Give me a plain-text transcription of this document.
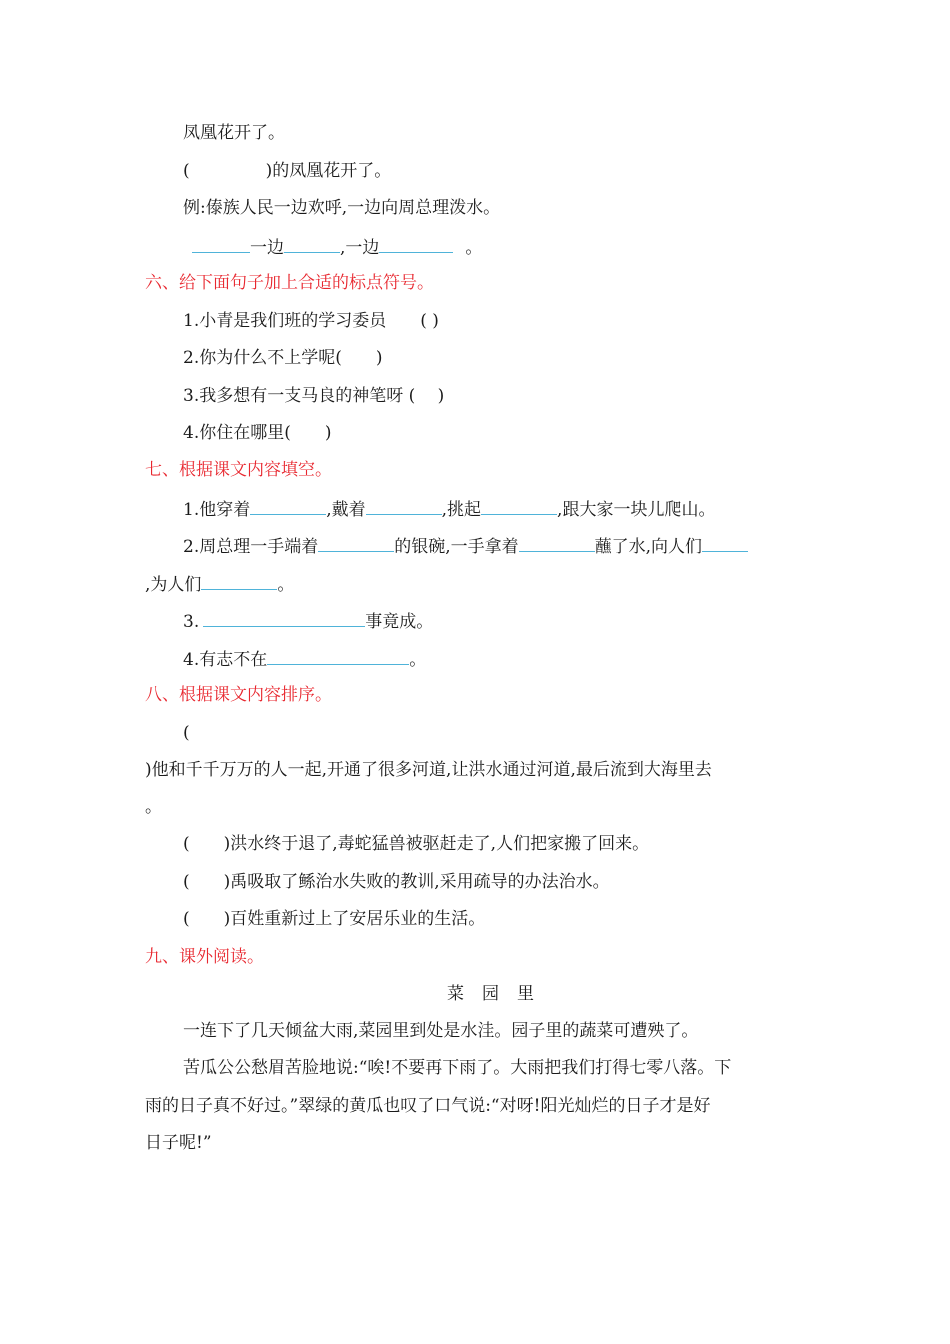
凤凰花开了。
(	)的凤凰花开了。
例:傣族人民一边欢呼,一边向周总理泼水。
一边	,一边	。
六、给下面句子加上合适的标点符号。
1.小青是我们班的学习委员　　( )
2.你为什么不上学呢(　　)
3.我多想有一支马良的神笔呀 (　 )
4.你住在哪里(　　)
七、根据课文内容填空。
1.他穿着	,戴着	,挑起	,跟大家一块儿爬山。
2.周总理一手端着	的银碗,一手拿着	蘸了水,向人们
,为人们	。
3.	事竟成。
4.有志不在	。
八、根据课文内容排序。
(
)他和千千万万的人一起,开通了很多河道,让洪水通过河道,最后流到大海里去
。
(　　)洪水终于退了,毒蛇猛兽被驱赶走了,人们把家搬了回来。
(　　)禹吸取了鲧治水失败的教训,采用疏导的办法治水。
(　　)百姓重新过上了安居乐业的生活。
九、课外阅读。
菜园里
一连下了几天倾盆大雨,菜园里到处是水洼。园子里的蔬菜可遭殃了。
苦瓜公公愁眉苦脸地说:“唉!不要再下雨了。大雨把我们打得七零八落。下
雨的日子真不好过。”翠绿的黄瓜也叹了口气说:“对呀!阳光灿烂的日子才是好
日子呢!”
